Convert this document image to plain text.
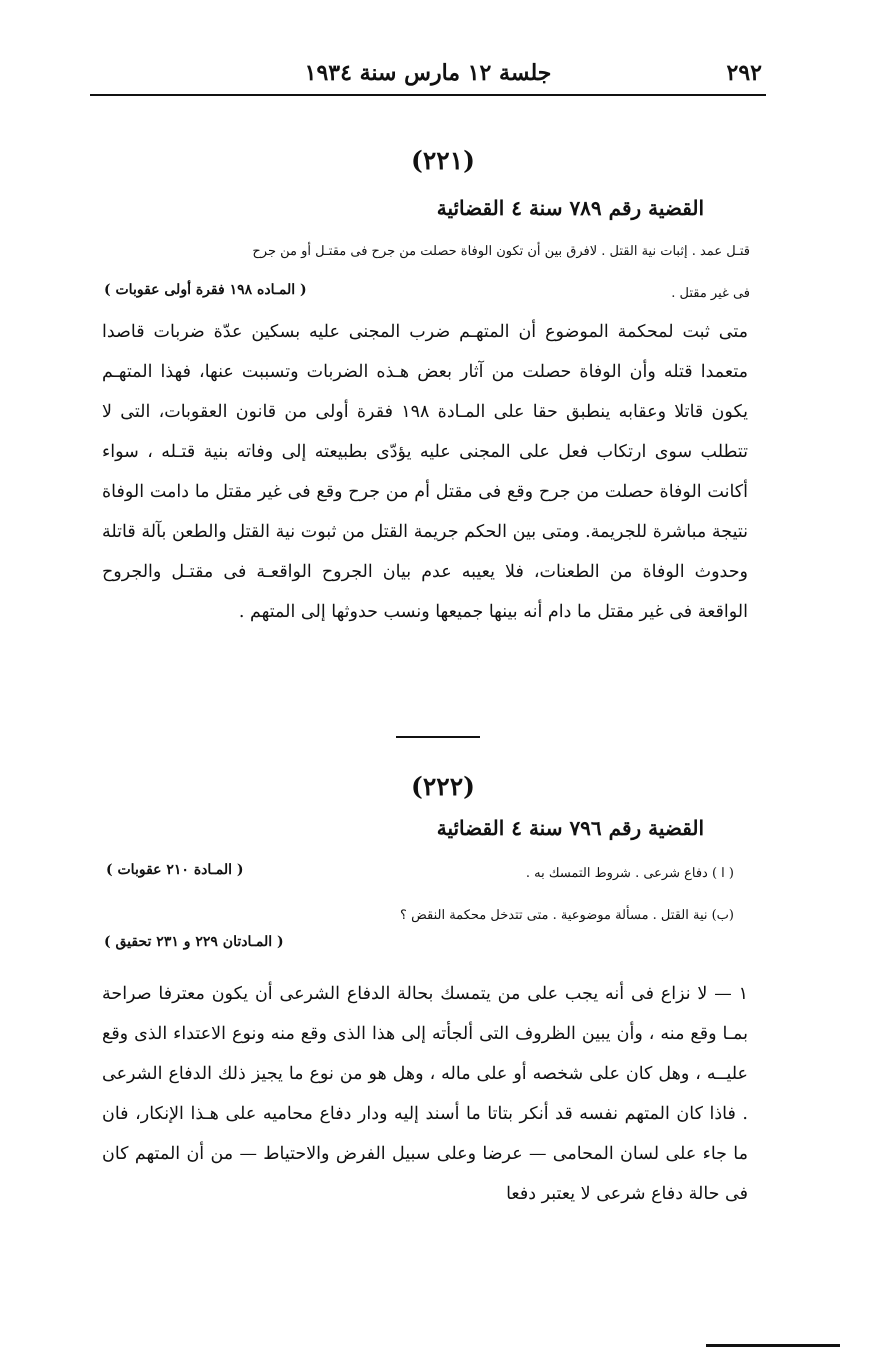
٢٩٢
جلسة ١٢ مارس سنة ١٩٣٤
(٢٢١)
القضية رقم ٧٨٩ سنة ٤ القضائية
قتـل عمد . إثبات نية القتل . لافرق بين أن تكون الوفاة حصلت من جرح فى مقتـل أو من جرح
فى غير مقتل .
( المـاده ١٩٨ فقرة أولى عقوبات )

متى ثبت لمحكمة الموضوع أن المتهـم ضرب المجنى عليه بسكين عدّة ضربات قاصدا متعمدا قتله وأن الوفاة حصلت من آثار بعض هـذه الضربات وتسببت عنها، فهذا المتهـم يكون قاتلا وعقابه ينطبق حقا على المـادة ١٩٨ فقرة أولى من قانون العقوبات، التى لا تتطلب سوى ارتكاب فعل على المجنى عليه يؤدّى بطبيعته إلى وفاته بنية قتـله ، سواء أكانت الوفاة حصلت من جرح وقع فى مقتل أم من جرح وقع فى غير مقتل ما دامت الوفاة نتيجة مباشرة للجريمة. ومتى بين الحكم جريمة القتل من ثبوت نية القتل والطعن بآلة قاتلة وحدوث الوفاة من الطعنات، فلا يعيبه عدم بيان الجروح الواقعـة فى مقتـل والجروح الواقعة فى غير مقتل ما دام أنه بينها جميعها ونسب حدوثها إلى المتهم .

(٢٢٢)
القضية رقم ٧٩٦ سنة ٤ القضائية
( ا ) دفاع شرعى . شروط التمسك به .
( المـادة ٢١٠ عقوبات )
(ب) نية القتل . مسألة موضوعية . متى تتدخل محكمة النقض ؟
( المـادتان ٢٢٩ و ٢٣١ تحقيق )

١ — لا نزاع فى أنه يجب على من يتمسك بحالة الدفاع الشرعى أن يكون معترفا صراحة بمـا وقع منه ، وأن يبين الظروف التى ألجأته إلى هذا الذى وقع منه ونوع الاعتداء الذى وقع عليــه ، وهل كان على شخصه أو على ماله ، وهل هو من نوع ما يجيز ذلك الدفاع الشرعى . فاذا كان المتهم نفسه قد أنكر بتاتا ما أسند إليه ودار دفاع محاميه على هـذا الإنكار، فان ما جاء على لسان المحامى — عرضا وعلى سبيل الفرض والاحتياط — من أن المتهم كان فى حالة دفاع شرعى لا يعتبر دفعا
